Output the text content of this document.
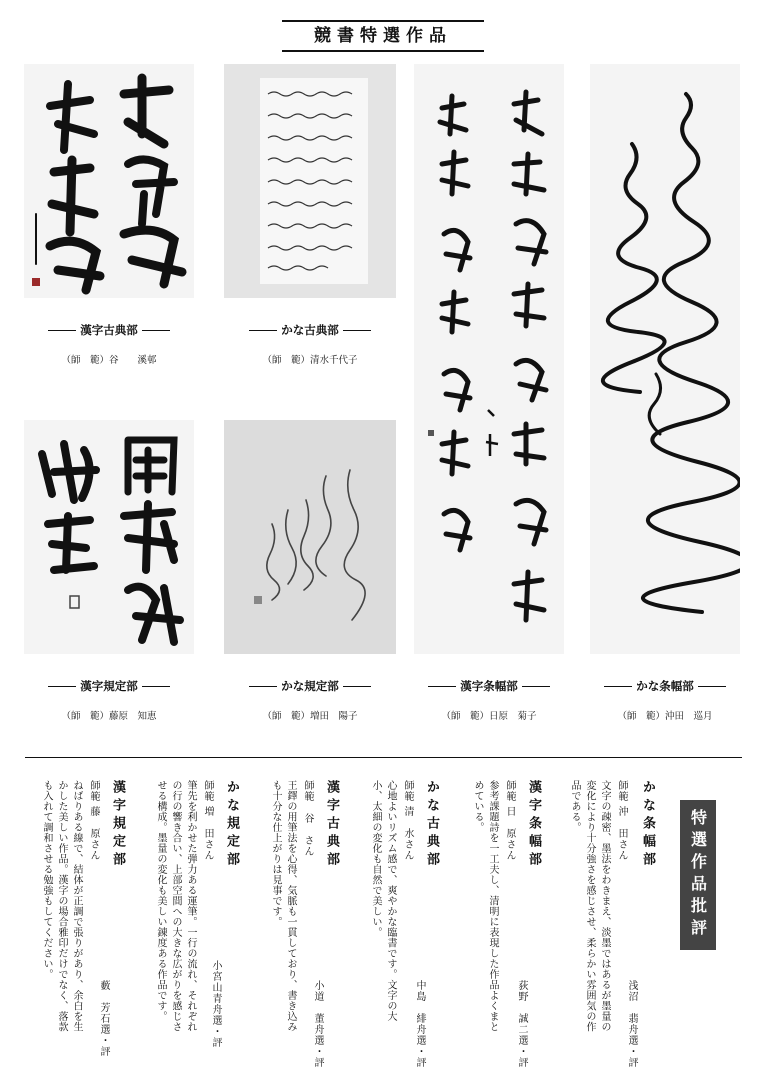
競書特選作品
漢字古典部
（師　範）谷　　溪邨
かな古典部
（師　範）清水千代子
漢字規定部
（師　範）藤原　知恵
かな規定部
（師　範）増田　陽子
漢字条幅部
（師　範）日原　菊子
かな条幅部
（師　範）沖田　巡月
特選作品批評
かな条幅部
師範 沖　田さん
文字の疎密、墨法をわきまえ、淡墨ではあるが墨量の変化により十分強さを感じさせ、柔らかい雰囲気の作品である。
浅沼　翡舟選・評
漢字条幅部
師範 日　原さん
参考課題詩を一工夫し、清明に表現した作品よくまとめている。
荻野　誠二選・評
かな古典部
師範 清　水さん
心地よいリズム感で、爽やかな臨書です。文字の大小、太細の変化も自然で美しい。
中島　緋舟選・評
漢字古典部
師範　谷　さん
王鐸の用筆法を心得、気脈も一貫しており、書き込みも十分な仕上がりは見事です。
小道　董舟選・評
かな規定部
師範 増　田さん
筆先を利かせた弾力ある運筆。一行の流れ、それぞれの行の響き合い、上部空間への大きな広がりを感じさせる構成。墨量の変化も美しい錬度ある作品です。	小宮山青舟選・評
漢字規定部
師範 藤　原さん
ねばりある線で、結体が正調で張りがあり、余白を生かした美しい作品。漢字の場合雅印だけでなく、落款も入れて調和させる勉強もしてください。
藪　芳石選・評
